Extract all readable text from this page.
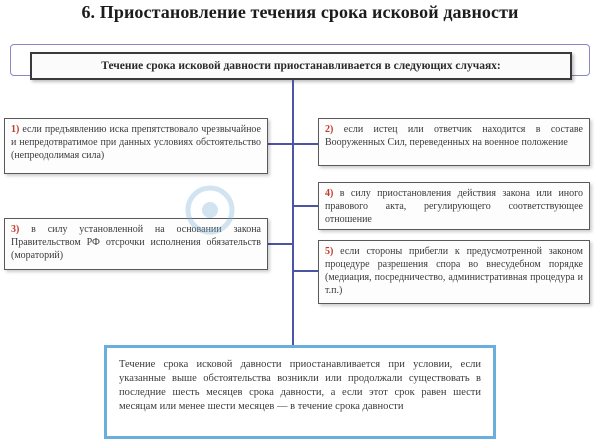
6. Приостановление течения срока исковой давности
Течение срока исковой давности приостанавливается в следующих случаях:
1) если предъявлению иска препятствовало чрезвычайное и непредотвратимое при данных условиях обстоятельство (непреодолимая сила)
2) если истец или ответчик находится в составе Вооруженных Сил, переведенных на военное положение
3) в силу установленной на основании закона Правительством РФ отсрочки исполнения обязательств (мораторий)
4) в силу приостановления действия закона или иного правового акта, регулирующего соответствующее отношение
5) если стороны прибегли к предусмотренной законом процедуре разрешения спора во внесудебном порядке (медиация, посредничество, административная процедура и т.п.)
Течение срока исковой давности приостанавливается при условии, если указанные выше обстоятельства возникли или продолжали существовать в последние шесть месяцев срока давности, а если этот срок равен шести месяцам или менее шести месяцев — в течение срока давности
